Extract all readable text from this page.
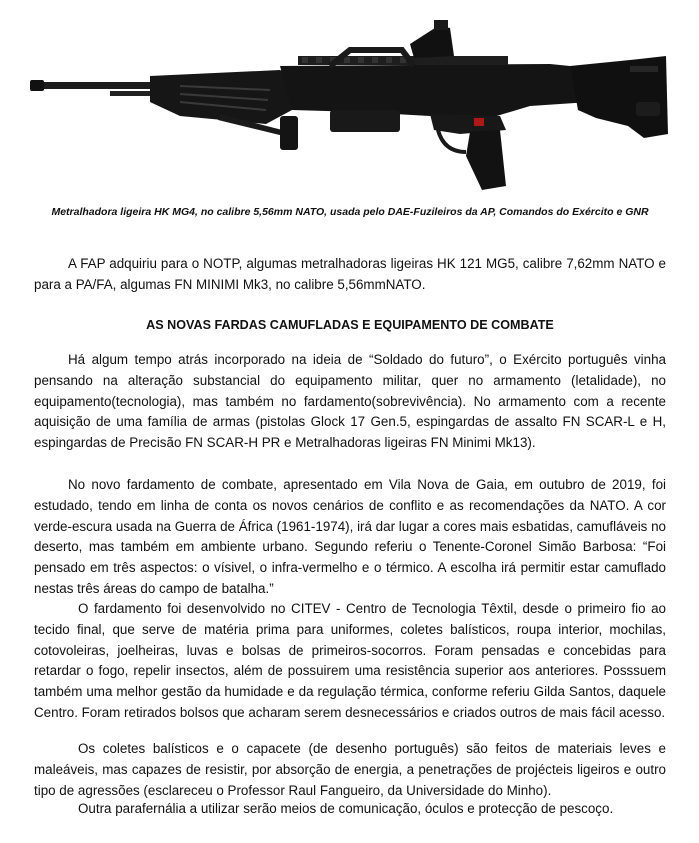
Metralhadora ligeira HK MG4, no calibre 5,56mm NATO, usada pelo DAE-Fuzileiros da AP, Comandos do Exército e GNR

A FAP adquiriu para o NOTP, algumas metralhadoras ligeiras HK 121 MG5, calibre 7,62mm NATO e para a PA/FA, algumas FN MINIMI Mk3, no calibre 5,56mmNATO.

AS NOVAS FARDAS CAMUFLADAS E EQUIPAMENTO DE COMBATE

Há algum tempo atrás incorporado na ideia de “Soldado do futuro”, o Exército português vinha pensando na alteração substancial do equipamento militar, quer no armamento (letalidade), no equipamento(tecnologia), mas também no fardamento(sobrevivência). No armamento com a recente aquisição de uma família de armas (pistolas Glock 17 Gen.5, espingardas de assalto FN SCAR-L e H, espingardas de Precisão FN SCAR-H PR e Metralhadoras ligeiras FN Minimi Mk13).

No novo fardamento de combate, apresentado em Vila Nova de Gaia, em outubro de 2019, foi estudado, tendo em linha de conta os novos cenários de conflito e as recomendações da NATO. A cor verde-escura usada na Guerra de África (1961-1974), irá dar lugar a cores mais esbatidas, camufláveis no deserto, mas também em ambiente urbano. Segundo referiu o Tenente-Coronel Simão Barbosa: “Foi pensado em três aspectos: o vísivel, o infra-vermelho e o térmico. A escolha irá permitir estar camuflado nestas três áreas do campo de batalha.”

O fardamento foi desenvolvido no CITEV - Centro de Tecnologia Têxtil, desde o primeiro fio ao tecido final, que serve de matéria prima para uniformes, coletes balísticos, roupa interior, mochilas, cotovoleiras, joelheiras, luvas e bolsas de primeiros-socorros. Foram pensadas e concebidas para retardar o fogo, repelir insectos, além de possuirem uma resistência superior aos anteriores. Posssuem também uma melhor gestão da humidade e da regulação térmica, conforme referiu Gilda Santos, daquele Centro. Foram retirados bolsos que acharam serem desnecessários e criados outros de mais fácil acesso.

Os coletes balísticos e o capacete (de desenho português) são feitos de materiais leves e maleáveis, mas capazes de resistir, por absorção de energia, a penetrações de projécteis ligeiros e outro tipo de agressões (esclareceu o Professor Raul Fangueiro, da Universidade do Minho).

Outra parafernália a utilizar serão meios de comunicação, óculos e protecção de pescoço.
